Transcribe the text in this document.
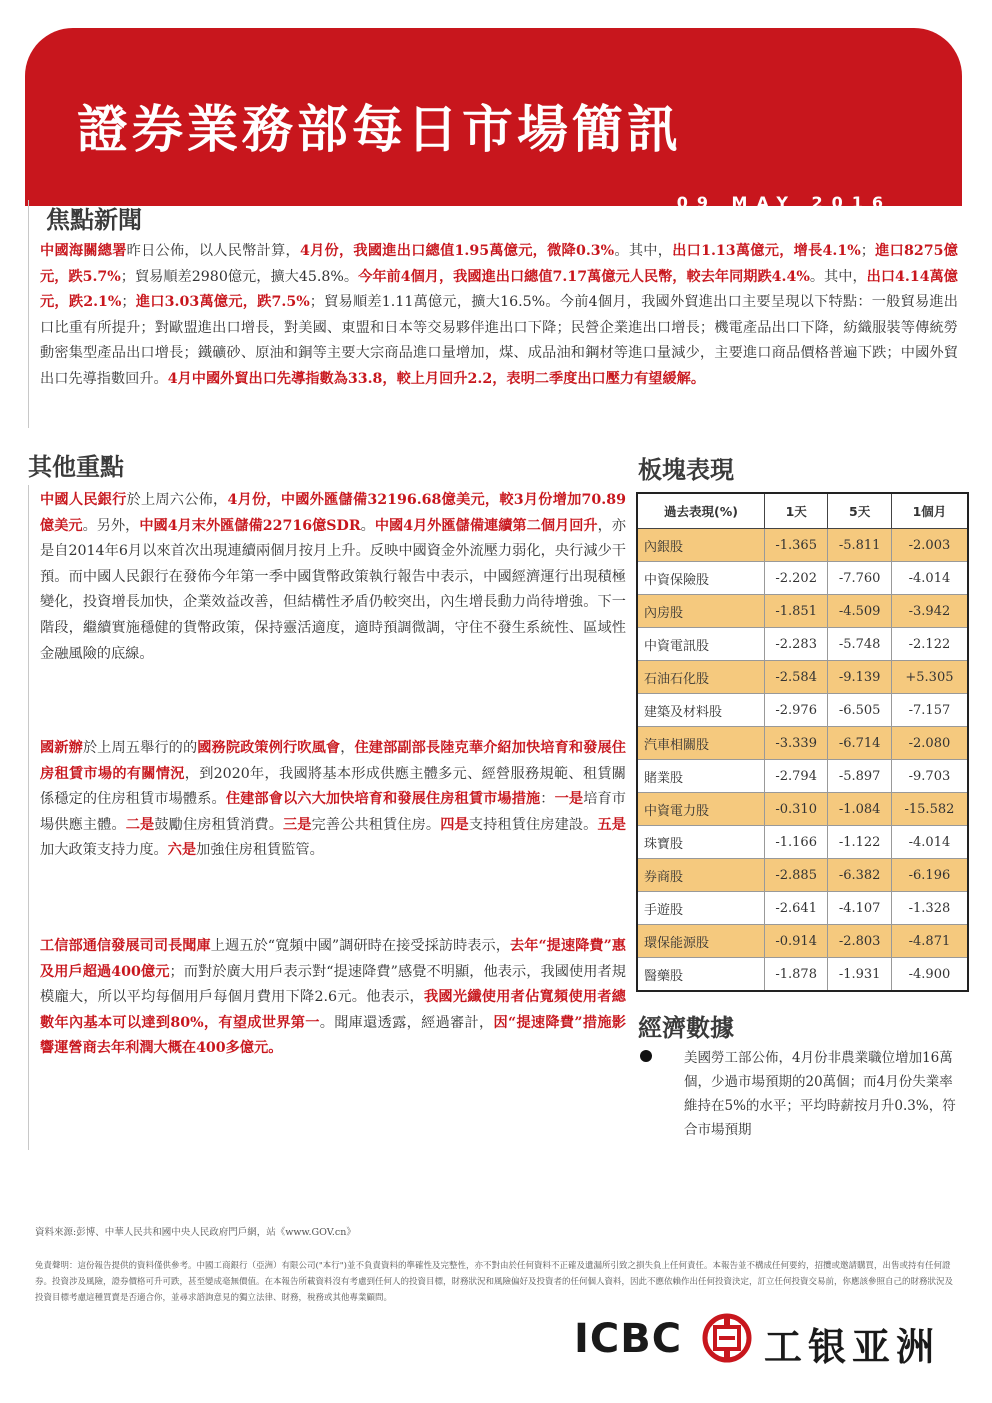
證券業務部每日市場簡訊
09 MAY 2016
焦點新聞

中國海關總署昨日公佈，以人民幣計算，4月份，我國進出口總值1.95萬億元，微降0.3%。其中，出口1.13萬億元，增長4.1%；進口8275億元，跌5.7%；貿易順差2980億元，擴大45.8%。今年前4個月，我國進出口總值7.17萬億元人民幣，較去年同期跌4.4%。其中，出口4.14萬億元，跌2.1%；進口3.03萬億元，跌7.5%；貿易順差1.11萬億元，擴大16.5%。今前4個月，我國外貿進出口主要呈現以下特點：一般貿易進出口比重有所提升；對歐盟進出口增長，對美國、東盟和日本等交易夥伴進出口下降；民營企業進出口增長；機電產品出口下降，紡織服裝等傳統勞動密集型產品出口增長；鐵礦砂、原油和銅等主要大宗商品進口量增加，煤、成品油和鋼材等進口量減少，主要進口商品價格普遍下跌；中國外貿出口先導指數回升。4月中國外貿出口先導指數為33.8，較上月回升2.2，表明二季度出口壓力有望緩解。

其他重點

中國人民銀行於上周六公佈，4月份，中國外匯儲備32196.68億美元，較3月份增加70.89億美元。另外，中國4月末外匯儲備22716億SDR。中國4月外匯儲備連續第二個月回升，亦是自2014年6月以來首次出現連續兩個月按月上升。反映中國資金外流壓力弱化，央行減少干預。而中國人民銀行在發佈今年第一季中國貨幣政策執行報告中表示，中國經濟運行出現積極變化，投資增長加快，企業效益改善，但結構性矛盾仍較突出，內生增長動力尚待增強。下一階段，繼續實施穩健的貨幣政策，保持靈活適度，適時預調微調，守住不發生系統性、區域性金融風險的底線。

國新辦於上周五舉行的的國務院政策例行吹風會，住建部副部長陸克華介紹加快培育和發展住房租賃市場的有關情況，到2020年，我國將基本形成供應主體多元、經營服務規範、租賃關係穩定的住房租賃市場體系。住建部會以六大加快培育和發展住房租賃市場措施：一是培育市場供應主體。二是鼓勵住房租賃消費。三是完善公共租賃住房。四是支持租賃住房建設。五是加大政策支持力度。六是加強住房租賃監管。

工信部通信發展司司長聞庫上週五於“寬頻中國”調研時在接受採訪時表示，去年“提速降費”惠及用戶超過400億元；而對於廣大用戶表示對“提速降費”感覺不明顯，他表示，我國使用者規模龐大，所以平均每個用戶每個月費用下降2.6元。他表示，我國光纖使用者佔寬頻使用者總數年內基本可以達到80%，有望成世界第一。聞庫還透露，經過審計，因“提速降費”措施影響運營商去年利潤大概在400多億元。

板塊表現
過去表現(%)	1天	5天	1個月
內銀股	-1.365	-5.811	-2.003
中資保險股	-2.202	-7.760	-4.014
內房股	-1.851	-4.509	-3.942
中資電訊股	-2.283	-5.748	-2.122
石油石化股	-2.584	-9.139	+5.305
建築及材料股	-2.976	-6.505	-7.157
汽車相關股	-3.339	-6.714	-2.080
賭業股	-2.794	-5.897	-9.703
中資電力股	-0.310	-1.084	-15.582
珠寶股	-1.166	-1.122	-4.014
券商股	-2.885	-6.382	-6.196
手遊股	-2.641	-4.107	-1.328
環保能源股	-0.914	-2.803	-4.871
醫藥股	-1.878	-1.931	-4.900
經濟數據

美國勞工部公佈，4月份非農業職位增加16萬個，少過市場預期的20萬個；而4月份失業率維持在5%的水平；平均時薪按月升0.3%，符合市場預期

資料來源:彭博、中華人民共和國中央人民政府門戶網，站《www.GOV.cn》

免責聲明：這份報告提供的資料僅供參考。中國工商銀行（亞洲）有限公司("本行")並不負責資料的準確性及完整性，亦不對由於任何資料不正確及遺漏所引致之損失負上任何責任。本報告並不構成任何要約，招攬或邀請購買，出售或持有任何證券。投資涉及風險，證券價格可升可跌，甚至變成毫無價值。在本報告所載資料沒有考慮到任何人的投資目標，財務狀況和風險偏好及投資者的任何個人資料，因此不應依賴作出任何投資決定，訂立任何投資交易前，你應該參照自己的財務狀況及投資目標考慮這種買賣是否適合你，並尋求諮詢意見的獨立法律、財務，稅務或其他專業顧問。

ICBC 工银亚洲
